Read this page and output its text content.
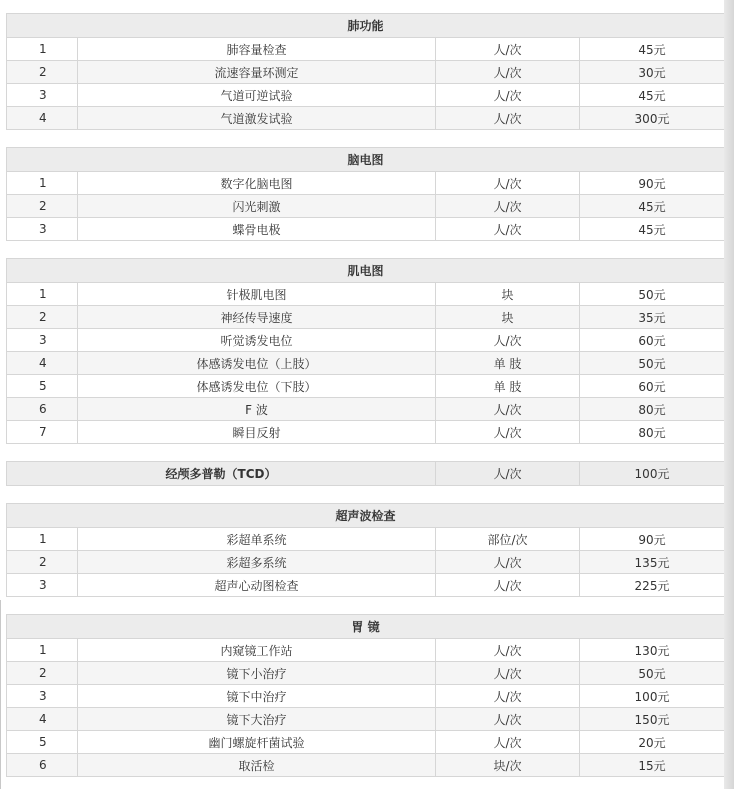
肺功能			
1	肺容量检查	人/次	45元
2	流速容量环测定	人/次	30元
3	气道可逆试验	人/次	45元
4	气道激发试验	人/次	300元
脑电图			
1	数字化脑电图	人/次	90元
2	闪光刺激	人/次	45元
3	蝶骨电极	人/次	45元
肌电图			
1	针极肌电图	块	50元
2	神经传导速度	块	35元
3	听觉诱发电位	人/次	60元
4	体感诱发电位（上肢）	单 肢	50元
5	体感诱发电位（下肢）	单 肢	60元
6	F 波	人/次	80元
7	瞬目反射	人/次	80元
经颅多普勒（TCD）	人/次	100元
超声波检查			
1	彩超单系统	部位/次	90元
2	彩超多系统	人/次	135元
3	超声心动图检查	人/次	225元
胃 镜			
1	内窥镜工作站	人/次	130元
2	镜下小治疗	人/次	50元
3	镜下中治疗	人/次	100元
4	镜下大治疗	人/次	150元
5	幽门螺旋杆菌试验	人/次	20元
6	取活检	块/次	15元
